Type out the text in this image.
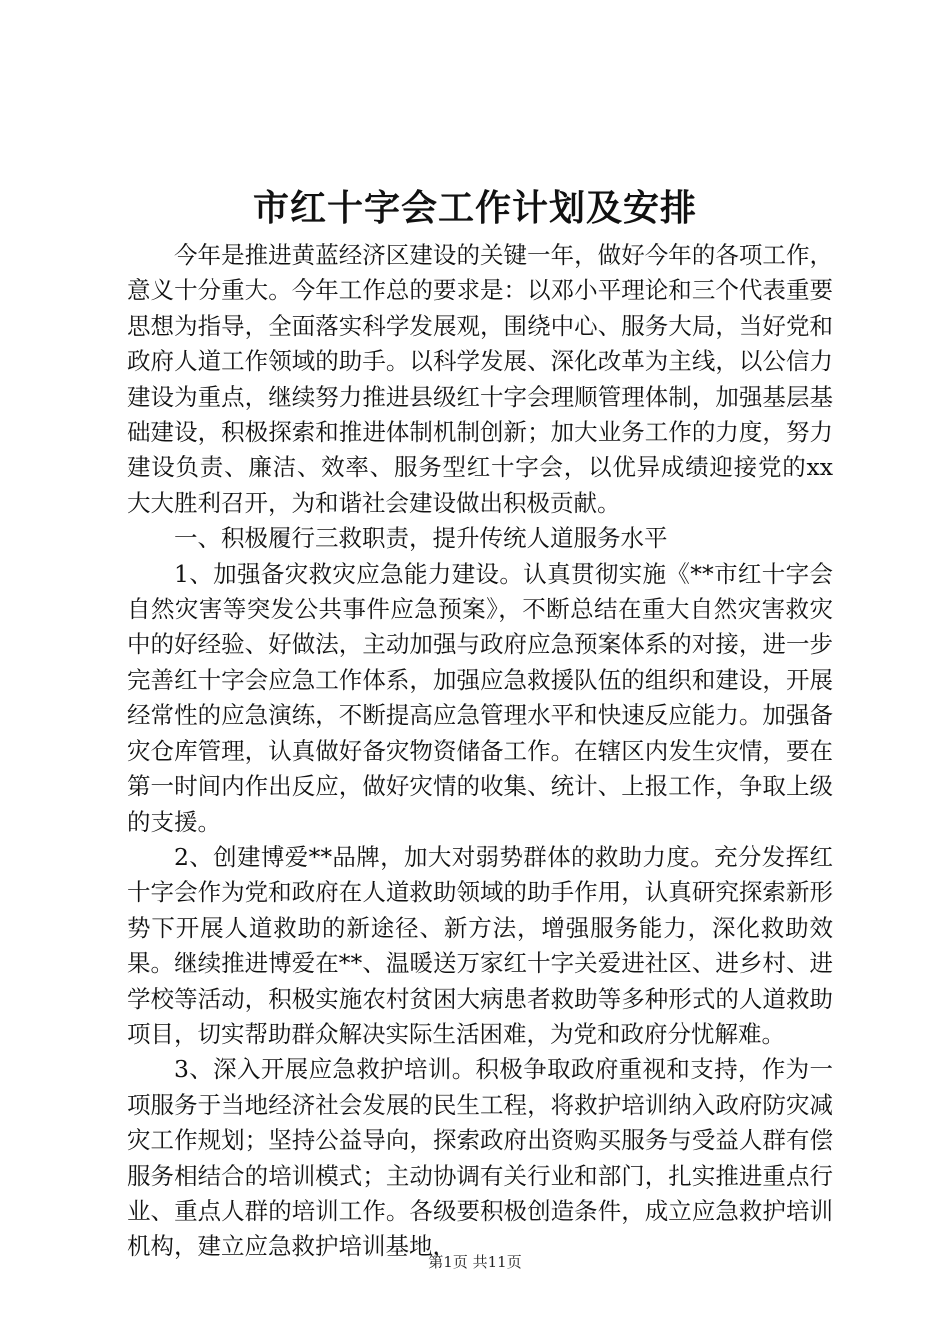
市红十字会工作计划及安排

今年是推进黄蓝经济区建设的关键一年，做好今年的各项工作，意义十分重大。今年工作总的要求是：以邓小平理论和三个代表重要思想为指导，全面落实科学发展观，围绕中心、服务大局，当好党和政府人道工作领域的助手。以科学发展、深化改革为主线，以公信力建设为重点，继续努力推进县级红十字会理顺管理体制，加强基层基础建设，积极探索和推进体制机制创新；加大业务工作的力度，努力建设负责、廉洁、效率、服务型红十字会，以优异成绩迎接党的xx大大胜利召开，为和谐社会建设做出积极贡献。

一、积极履行三救职责，提升传统人道服务水平

1、加强备灾救灾应急能力建设。认真贯彻实施《**市红十字会自然灾害等突发公共事件应急预案》，不断总结在重大自然灾害救灾中的好经验、好做法，主动加强与政府应急预案体系的对接，进一步完善红十字会应急工作体系，加强应急救援队伍的组织和建设，开展经常性的应急演练，不断提高应急管理水平和快速反应能力。加强备灾仓库管理，认真做好备灾物资储备工作。在辖区内发生灾情，要在第一时间内作出反应，做好灾情的收集、统计、上报工作，争取上级的支援。

2、创建博爱**品牌，加大对弱势群体的救助力度。充分发挥红十字会作为党和政府在人道救助领域的助手作用，认真研究探索新形势下开展人道救助的新途径、新方法，增强服务能力，深化救助效果。继续推进博爱在**、温暖送万家红十字关爱进社区、进乡村、进学校等活动，积极实施农村贫困大病患者救助等多种形式的人道救助项目，切实帮助群众解决实际生活困难，为党和政府分忧解难。

3、深入开展应急救护培训。积极争取政府重视和支持，作为一项服务于当地经济社会发展的民生工程，将救护培训纳入政府防灾减灾工作规划；坚持公益导向，探索政府出资购买服务与受益人群有偿服务相结合的培训模式；主动协调有关行业和部门，扎实推进重点行业、重点人群的培训工作。各级要积极创造条件，成立应急救护培训机构，建立应急救护培训基地，

第1页 共11页
